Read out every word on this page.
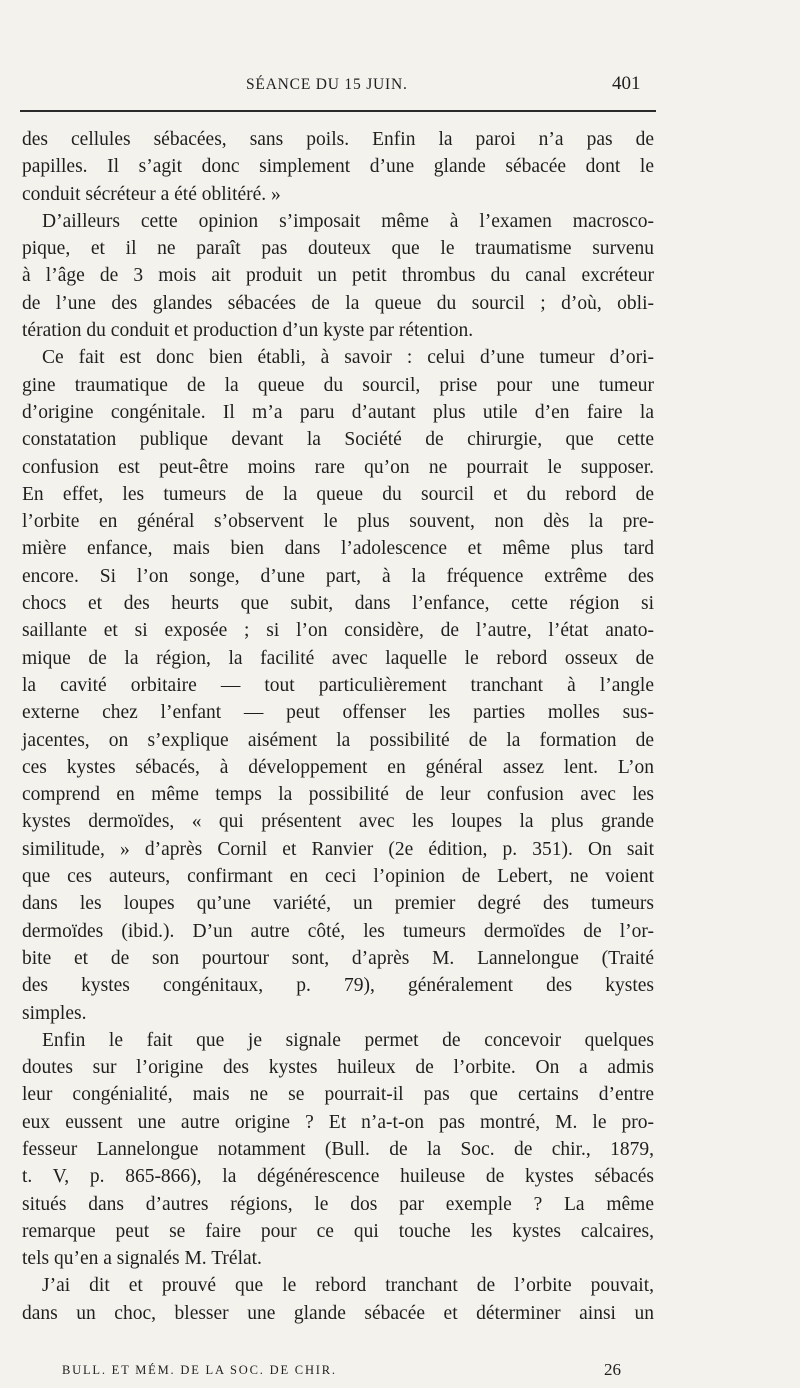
SÉANCE DU 15 JUIN.	401
des cellules sébacées, sans poils. Enfin la paroi n’a pas de
papilles. Il s’agit donc simplement d’une glande sébacée dont le
conduit sécréteur a été oblitéré. »
D’ailleurs cette opinion s’imposait même à l’examen macrosco-
pique, et il ne paraît pas douteux que le traumatisme survenu
à l’âge de 3 mois ait produit un petit thrombus du canal excréteur
de l’une des glandes sébacées de la queue du sourcil ; d’où, obli-
tération du conduit et production d’un kyste par rétention.
Ce fait est donc bien établi, à savoir : celui d’une tumeur d’ori-
gine traumatique de la queue du sourcil, prise pour une tumeur
d’origine congénitale. Il m’a paru d’autant plus utile d’en faire la
constatation publique devant la Société de chirurgie, que cette
confusion est peut-être moins rare qu’on ne pourrait le supposer.
En effet, les tumeurs de la queue du sourcil et du rebord de
l’orbite en général s’observent le plus souvent, non dès la pre-
mière enfance, mais bien dans l’adolescence et même plus tard
encore. Si l’on songe, d’une part, à la fréquence extrême des
chocs et des heurts que subit, dans l’enfance, cette région si
saillante et si exposée ; si l’on considère, de l’autre, l’état anato-
mique de la région, la facilité avec laquelle le rebord osseux de
la cavité orbitaire — tout particulièrement tranchant à l’angle
externe chez l’enfant — peut offenser les parties molles sus-
jacentes, on s’explique aisément la possibilité de la formation de
ces kystes sébacés, à développement en général assez lent. L’on
comprend en même temps la possibilité de leur confusion avec les
kystes dermoïdes, « qui présentent avec les loupes la plus grande
similitude, » d’après Cornil et Ranvier (2e édition, p. 351). On sait
que ces auteurs, confirmant en ceci l’opinion de Lebert, ne voient
dans les loupes qu’une variété, un premier degré des tumeurs
dermoïdes (ibid.). D’un autre côté, les tumeurs dermoïdes de l’or-
bite et de son pourtour sont, d’après M. Lannelongue (Traité
des kystes congénitaux, p. 79), généralement des kystes
simples.
Enfin le fait que je signale permet de concevoir quelques
doutes sur l’origine des kystes huileux de l’orbite. On a admis
leur congénialité, mais ne se pourrait-il pas que certains d’entre
eux eussent une autre origine ? Et n’a-t-on pas montré, M. le pro-
fesseur Lannelongue notamment (Bull. de la Soc. de chir., 1879,
t. V, p. 865-866), la dégénérescence huileuse de kystes sébacés
situés dans d’autres régions, le dos par exemple ? La même
remarque peut se faire pour ce qui touche les kystes calcaires,
tels qu’en a signalés M. Trélat.
J’ai dit et prouvé que le rebord tranchant de l’orbite pouvait,
dans un choc, blesser une glande sébacée et déterminer ainsi un
BULL. ET MÉM. DE LA SOC. DE CHIR.	26
